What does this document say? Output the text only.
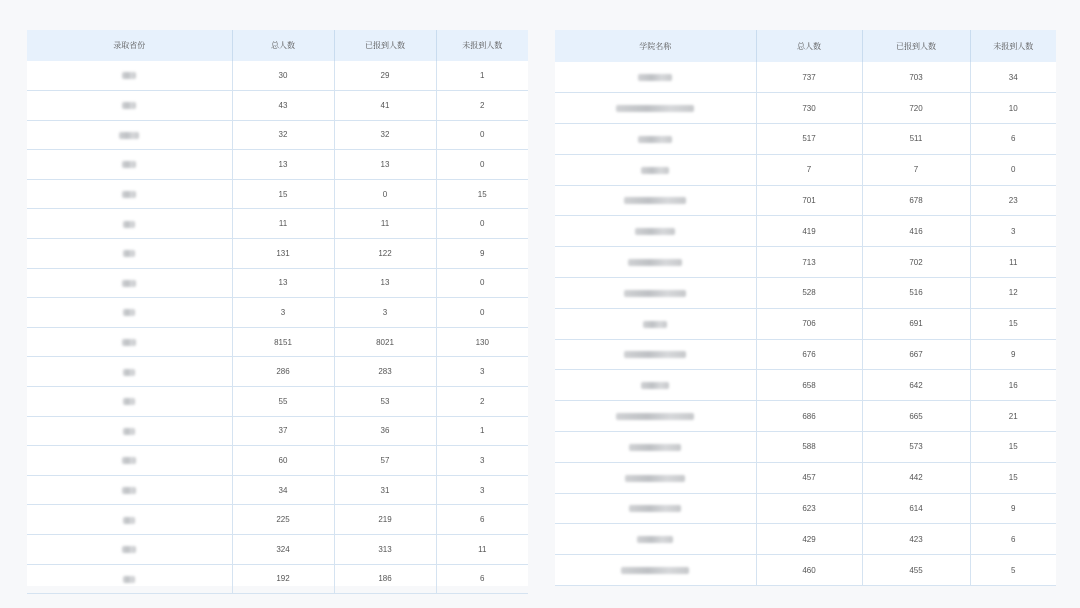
录取省份	总人数	已报到人数	未报到人数
	30	29	1
	43	41	2
	32	32	0
	13	13	0
	15	0	15
	11	11	0
	131	122	9
	13	13	0
	3	3	0
	8151	8021	130
	286	283	3
	55	53	2
	37	36	1
	60	57	3
	34	31	3
	225	219	6
	324	313	11
	192	186	6
学院名称	总人数	已报到人数	未报到人数
	737	703	34
	730	720	10
	517	511	6
	7	7	0
	701	678	23
	419	416	3
	713	702	11
	528	516	12
	706	691	15
	676	667	9
	658	642	16
	686	665	21
	588	573	15
	457	442	15
	623	614	9
	429	423	6
	460	455	5
